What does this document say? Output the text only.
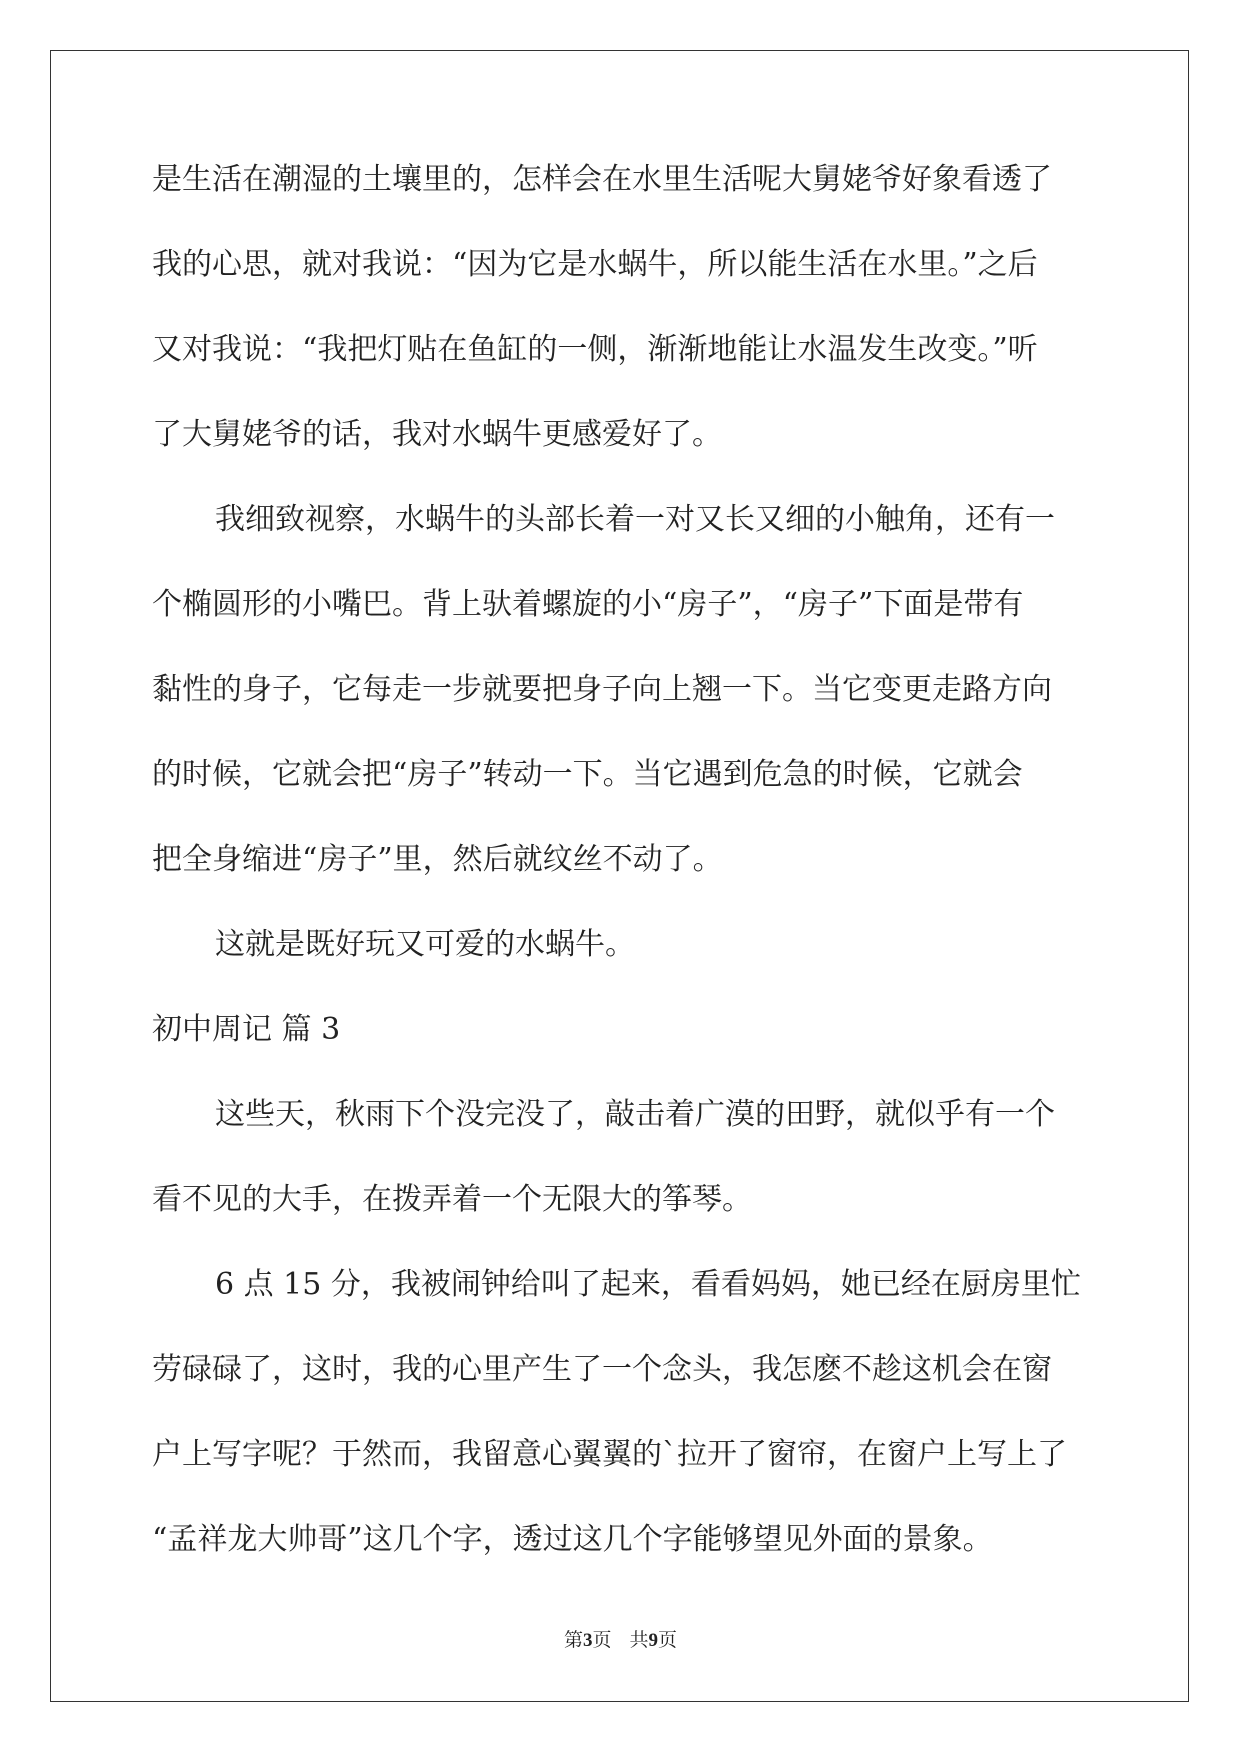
是生活在潮湿的土壤里的，怎样会在水里生活呢大舅姥爷好象看透了
我的心思，就对我说：“因为它是水蜗牛，所以能生活在水里。”之后
又对我说：“我把灯贴在鱼缸的一侧，渐渐地能让水温发生改变。”听
了大舅姥爷的话，我对水蜗牛更感爱好了。
我细致视察，水蜗牛的头部长着一对又长又细的小触角，还有一
个椭圆形的小嘴巴。背上驮着螺旋的小“房子”，“房子”下面是带有
黏性的身子，它每走一步就要把身子向上翘一下。当它变更走路方向
的时候，它就会把“房子”转动一下。当它遇到危急的时候，它就会
把全身缩进“房子”里，然后就纹丝不动了。
这就是既好玩又可爱的水蜗牛。
初中周记 篇 3
这些天，秋雨下个没完没了，敲击着广漠的田野，就似乎有一个
看不见的大手，在拨弄着一个无限大的筝琴。
6 点 15 分，我被闹钟给叫了起来，看看妈妈，她已经在厨房里忙
劳碌碌了，这时，我的心里产生了一个念头，我怎麽不趁这机会在窗
户上写字呢？于然而，我留意心翼翼的`拉开了窗帘，在窗户上写上了
“孟祥龙大帅哥”这几个字，透过这几个字能够望见外面的景象。
第3页 共9页
